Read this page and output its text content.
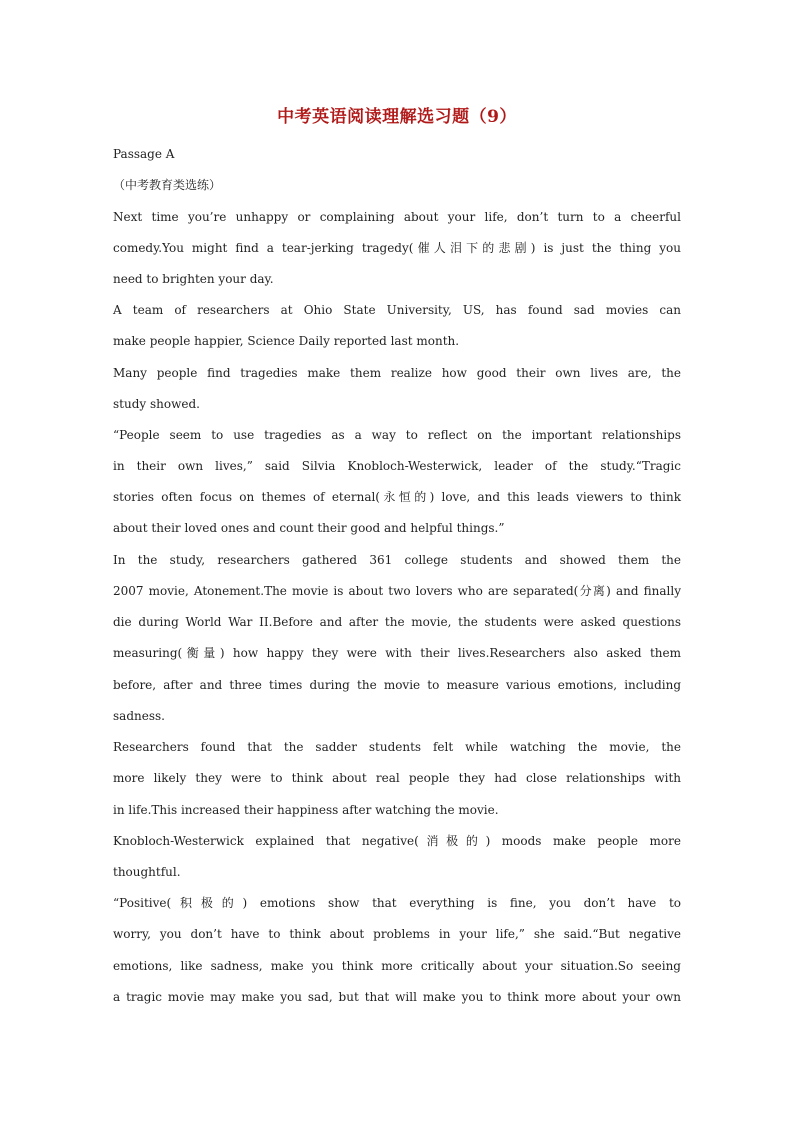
中考英语阅读理解选习题（9）
Passage A
（中考教育类选练）
Next time you’re unhappy or complaining about your life, don’t turn to a cheerful
comedy.You might find a tear-jerking tragedy(催人泪下的悲剧) is just the thing you
need to brighten your day.
A team of researchers at Ohio State University, US, has found sad movies can
make people happier, Science Daily reported last month.
Many people find tragedies make them realize how good their own lives are, the
study showed.
“People seem to use tragedies as a way to reflect on the important relationships
in their own lives,” said Silvia Knobloch-Westerwick, leader of the study.“Tragic
stories often focus on themes of eternal(永恒的) love, and this leads viewers to think
about their loved ones and count their good and helpful things.”
In the study, researchers gathered 361 college students and showed them the
2007 movie, Atonement.The movie is about two lovers who are separated(分离) and finally
die during World War II.Before and after the movie, the students were asked questions
measuring(衡量) how happy they were with their lives.Researchers also asked them
before, after and three times during the movie to measure various emotions, including
sadness.
Researchers found that the sadder students felt while watching the movie, the
more likely they were to think about real people they had close relationships with
in life.This increased their happiness after watching the movie.
Knobloch-Westerwick explained that negative(消极的) moods make people more
thoughtful.
“Positive(积极的) emotions show that everything is fine, you don’t have to
worry, you don’t have to think about problems in your life,” she said.“But negative
emotions, like sadness, make you think more critically about your situation.So seeing
a tragic movie may make you sad, but that will make you to think more about your own
